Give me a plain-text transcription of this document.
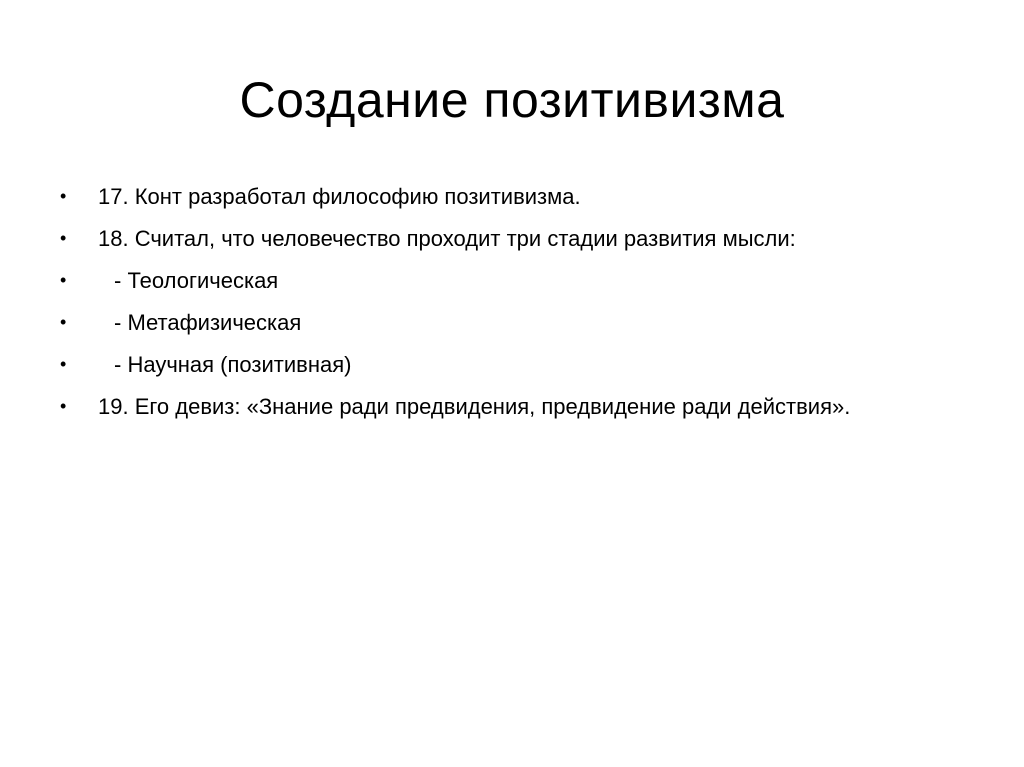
Создание позитивизма
•	17. Конт разработал философию позитивизма.
•	18. Считал, что человечество проходит три стадии развития мысли:
•	- Теологическая
•	- Метафизическая
•	- Научная (позитивная)
•	19. Его девиз: «Знание ради предвидения, предвидение ради действия».
